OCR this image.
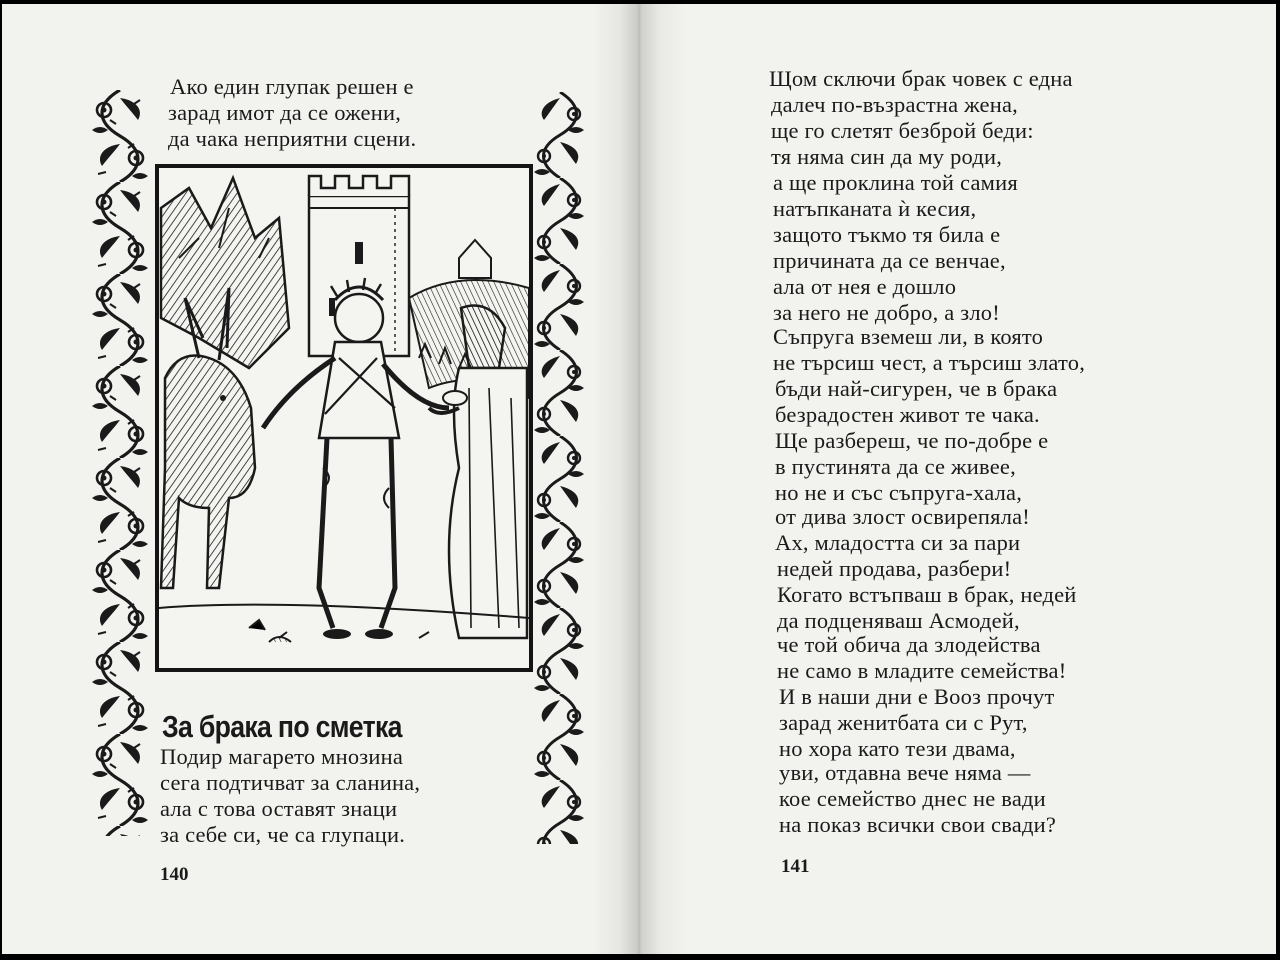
Ако един глупак решен е
зарад имот да се ожени,
да чака неприятни сцени.
За брака по сметка
Подир магарето мнозина
сега подтичват за сланина,
ала с това оставят знаци
за себе си, че са глупаци.
140
Щом сключи брак човек с една
далеч по-възрастна жена,
ще го слетят безброй беди:
тя няма син да му роди,
а ще проклина той самия
натъпканата ѝ кесия,
защото тъкмо тя била е
причината да се венчае,
ала от нея е дошло
за него не добро, а зло!
Съпруга вземеш ли, в която
не търсиш чест, а търсиш злато,
бъди най-сигурен, че в брака
безрадостен живот те чака.
Ще разбереш, че по-добре е
в пустинята да се живее,
но не и със съпруга-хала,
от дива злост освирепяла!
Ах, младостта си за пари
недей продава, разбери!
Когато встъпваш в брак, недей
да подценяваш Асмодей,
че той обича да злодейства
не само в младите семейства!
И в наши дни е Вооз прочут
зарад женитбата си с Рут,
но хора като тези двама,
уви, отдавна вече няма —
кое семейство днес не вади
на показ всички свои свади?
141
